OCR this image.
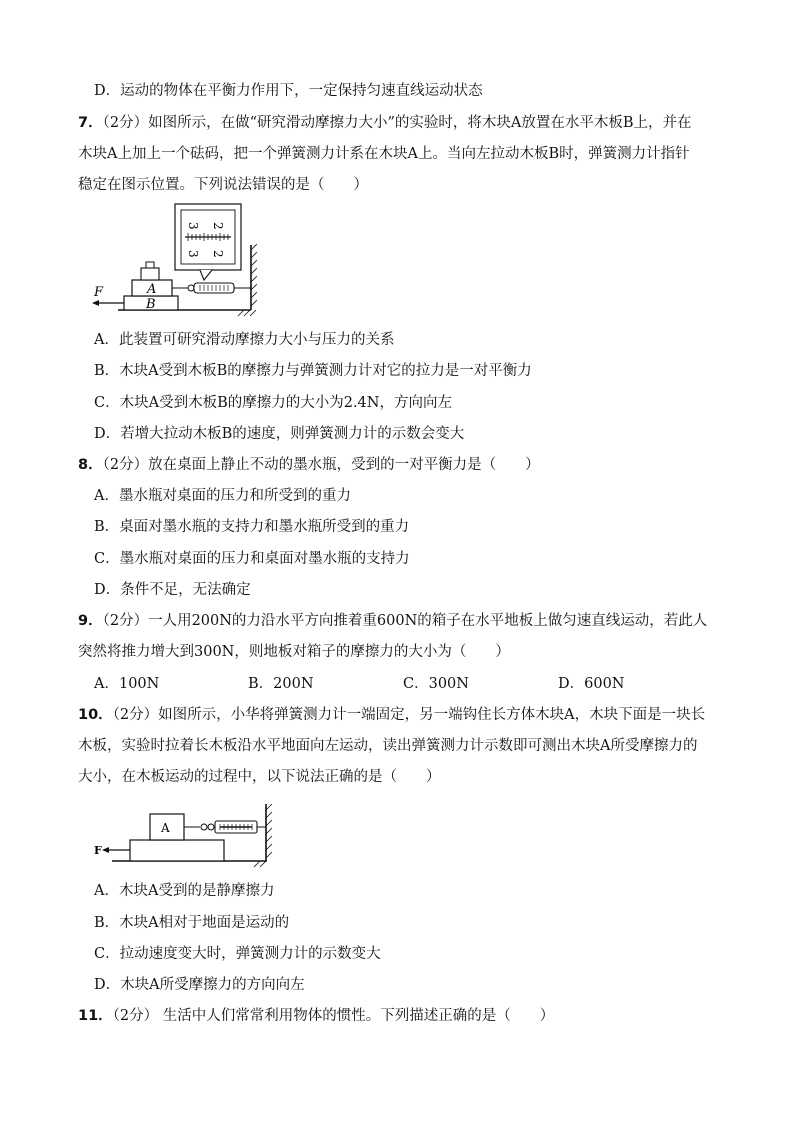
D．运动的物体在平衡力作用下，一定保持匀速直线运动状态
7．（2分）如图所示，在做“研究滑动摩擦力大小”的实验时，将木块A放置在水平木板B上，并在
木块A上加上一个砝码，把一个弹簧测力计系在木块A上。当向左拉动木板B时，弹簧测力计指针
稳定在图示位置。下列说法错误的是（　　）
B
A
F
2
3
2
3
A．此装置可研究滑动摩擦力大小与压力的关系
B．木块A受到木板B的摩擦力与弹簧测力计对它的拉力是一对平衡力
C．木块A受到木板B的摩擦力的大小为2.4N，方向向左
D．若增大拉动木板B的速度，则弹簧测力计的示数会变大
8．（2分）放在桌面上静止不动的墨水瓶，受到的一对平衡力是（　　）
A．墨水瓶对桌面的压力和所受到的重力
B．桌面对墨水瓶的支持力和墨水瓶所受到的重力
C．墨水瓶对桌面的压力和桌面对墨水瓶的支持力
D．条件不足，无法确定
9．（2分）一人用200N的力沿水平方向推着重600N的箱子在水平地板上做匀速直线运动，若此人
突然将推力增大到300N，则地板对箱子的摩擦力的大小为（　　）
A．100N	B．200N	C．300N	D．600N
10．（2分）如图所示，小华将弹簧测力计一端固定，另一端钩住长方体木块A，木块下面是一块长
木板，实验时拉着长木板沿水平地面向左运动，读出弹簧测力计示数即可测出木块A所受摩擦力的
大小，在木板运动的过程中，以下说法正确的是（　　）
A
F
A．木块A受到的是静摩擦力
B．木块A相对于地面是运动的
C．拉动速度变大时，弹簧测力计的示数变大
D．木块A所受摩擦力的方向向左
11．（2分） 生活中人们常常利用物体的惯性。下列描述正确的是（　　）
